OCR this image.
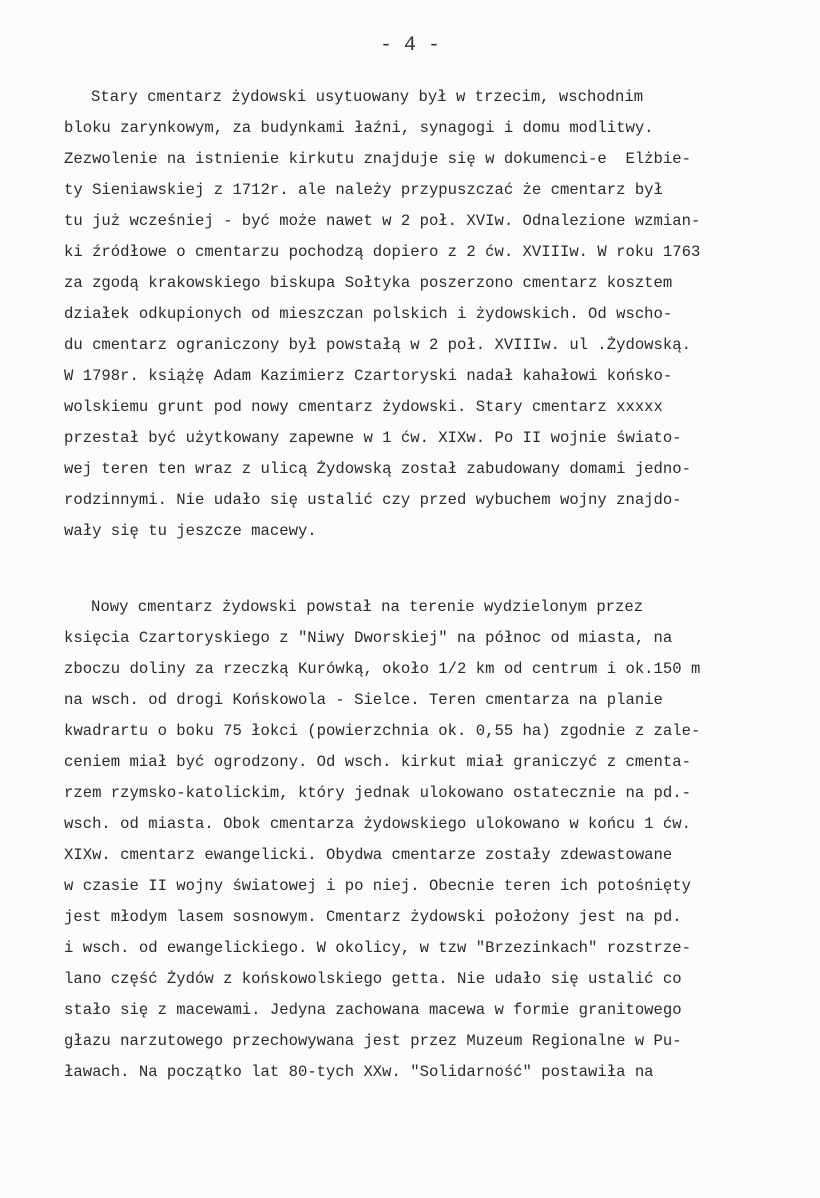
- 4 -
Stary cmentarz żydowski usytuowany był w trzecim, wschodnim
bloku zarynkowym, za budynkami łaźni, synagogi i domu modlitwy.
Zezwolenie na istnienie kirkutu znajduje się w dokumenci-e  Elżbie-
ty Sieniawskiej z 1712r. ale należy przypuszczać że cmentarz był
tu już wcześniej - być może nawet w 2 poł. XVIw. Odnalezione wzmian-
ki źródłowe o cmentarzu pochodzą dopiero z 2 ćw. XVIIIw. W roku 1763
za zgodą krakowskiego biskupa Sołtyka poszerzono cmentarz kosztem
działek odkupionych od mieszczan polskich i żydowskich. Od wscho-
du cmentarz ograniczony był powstałą w 2 poł. XVIIIw. ul .Żydowską.
W 1798r. książę Adam Kazimierz Czartoryski nadał kahałowi końsko-
wolskiemu grunt pod nowy cmentarz żydowski. Stary cmentarz xxxxx
przestał być użytkowany zapewne w 1 ćw. XIXw. Po II wojnie świato-
wej teren ten wraz z ulicą Żydowską został zabudowany domami jedno-
rodzinnymi. Nie udało się ustalić czy przed wybuchem wojny znajdo-
wały się tu jeszcze macewy.
Nowy cmentarz żydowski powstał na terenie wydzielonym przez
księcia Czartoryskiego z "Niwy Dworskiej" na północ od miasta, na
zboczu doliny za rzeczką Kurówką, około 1/2 km od centrum i ok.150 m
na wsch. od drogi Końskowola - Sielce. Teren cmentarza na planie
kwadrartu o boku 75 łokci (powierzchnia ok. 0,55 ha) zgodnie z zale-
ceniem miał być ogrodzony. Od wsch. kirkut miał graniczyć z cmenta-
rzem rzymsko-katolickim, który jednak ulokowano ostatecznie na pd.-
wsch. od miasta. Obok cmentarza żydowskiego ulokowano w końcu 1 ćw.
XIXw. cmentarz ewangelicki. Obydwa cmentarze zostały zdewastowane
w czasie II wojny światowej i po niej. Obecnie teren ich potośnięty
jest młodym lasem sosnowym. Cmentarz żydowski położony jest na pd.
i wsch. od ewangelickiego. W okolicy, w tzw "Brzezinkach" rozstrze-
lano część Żydów z końskowolskiego getta. Nie udało się ustalić co
stało się z macewami. Jedyna zachowana macewa w formie granitowego
głazu narzutowego przechowywana jest przez Muzeum Regionalne w Pu-
ławach. Na początko lat 80-tych XXw. "Solidarność" postawiła na
